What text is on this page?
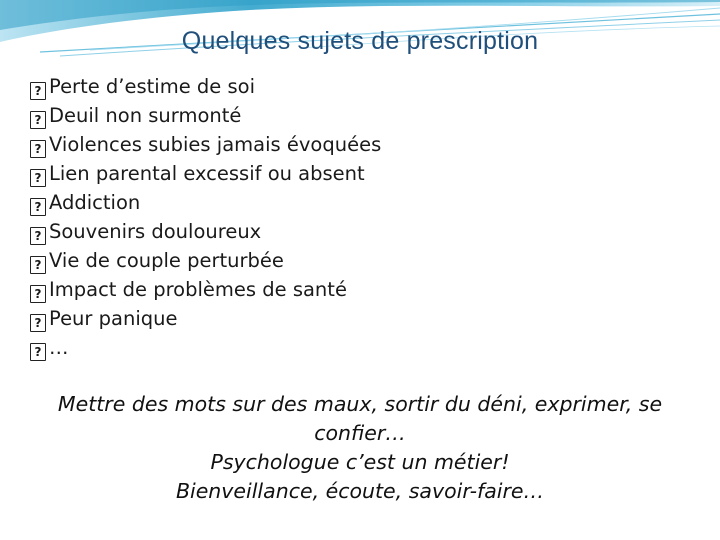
Quelques sujets de prescription
? Perte d’estime de soi
? Deuil non surmonté
? Violences subies jamais évoquées
? Lien parental excessif ou absent
? Addiction
? Souvenirs douloureux
? Vie de couple perturbée
? Impact de problèmes de santé
? Peur panique
? …
Mettre des mots sur des maux, sortir du déni, exprimer, se
confier…
Psychologue c’est un métier!
Bienveillance, écoute, savoir-faire…
